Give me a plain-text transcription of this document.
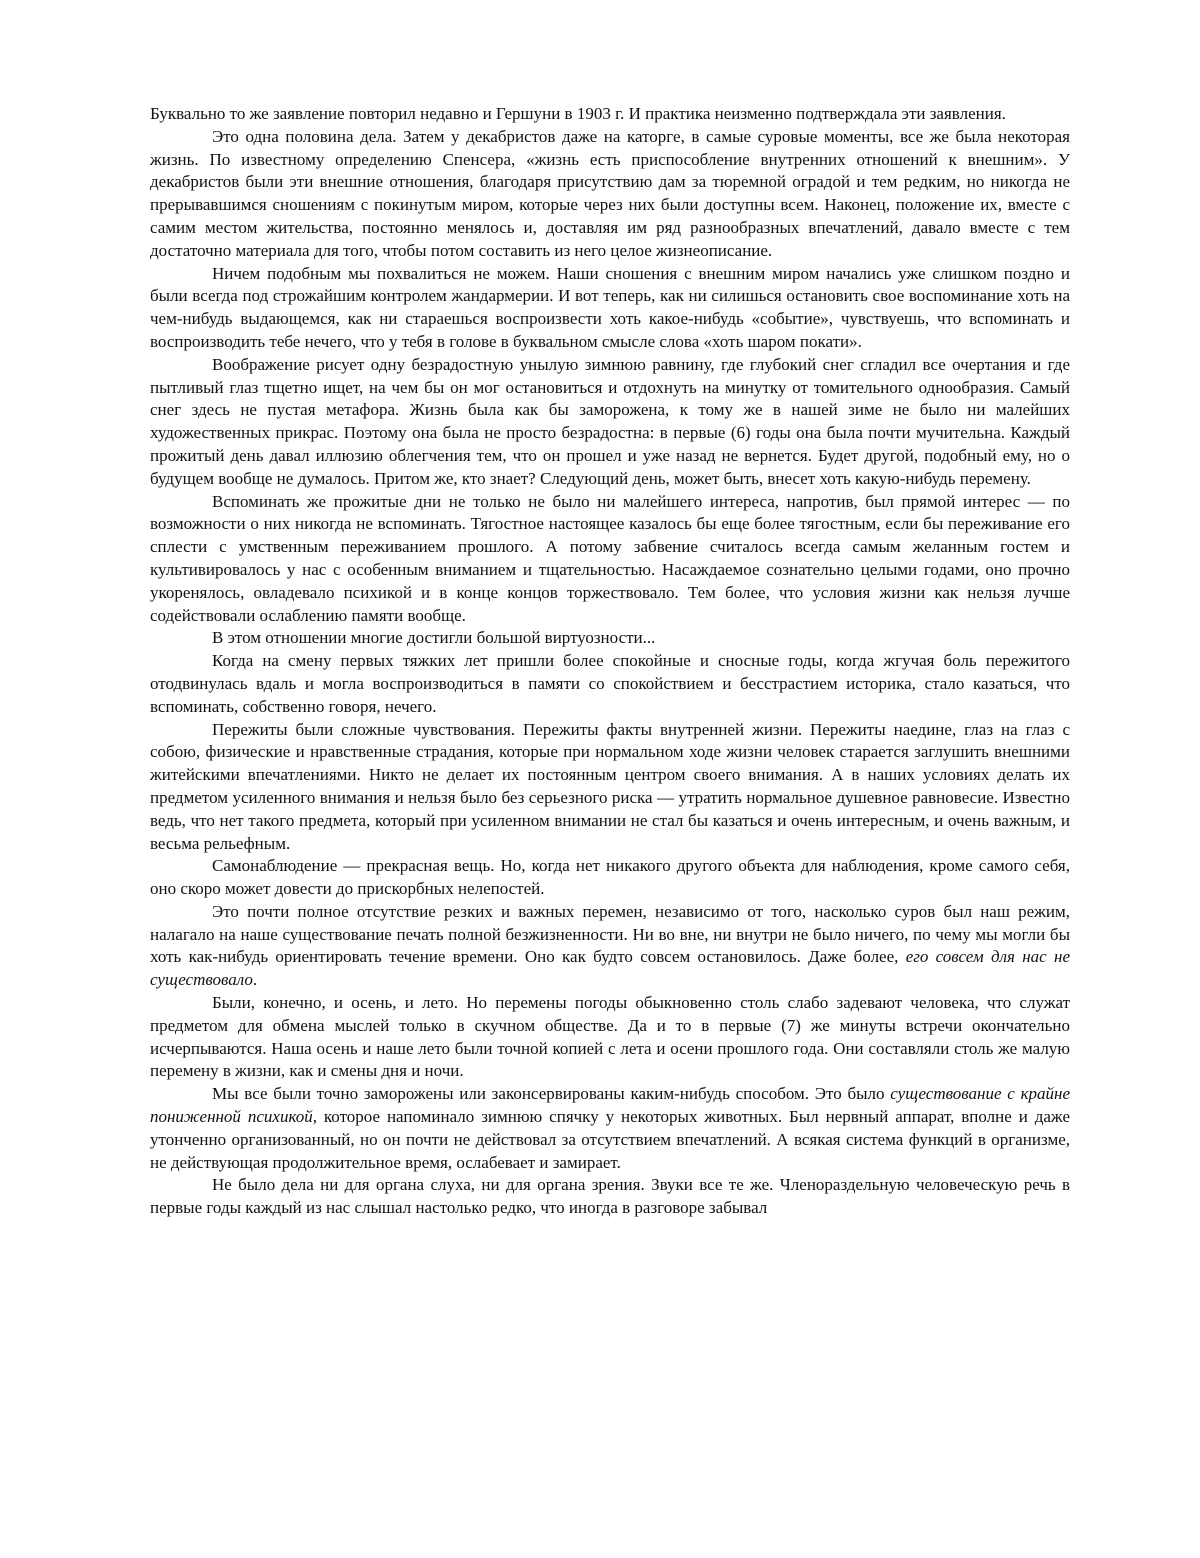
Буквально то же заявление повторил недавно и Гершуни в 1903 г. И практика неизменно подтверждала эти заявления.

Это одна половина дела. Затем у декабристов даже на каторге, в самые суровые моменты, все же была некоторая жизнь. По известному определению Спенсера, «жизнь есть приспособление внутренних отношений к внешним». У декабристов были эти внешние отношения, благодаря присутствию дам за тюремной оградой и тем редким, но никогда не прерывавшимся сношениям с покинутым миром, которые через них были доступны всем. Наконец, положение их, вместе с самим местом жительства, постоянно менялось и, доставляя им ряд разнообразных впечатлений, давало вместе с тем достаточно материала для того, чтобы потом составить из него целое жизнеописание.

Ничем подобным мы похвалиться не можем. Наши сношения с внешним миром начались уже слишком поздно и были всегда под строжайшим контролем жандармерии. И вот теперь, как ни силишься остановить свое воспоминание хоть на чем-нибудь выдающемся, как ни стараешься воспроизвести хоть какое-нибудь «событие», чувствуешь, что вспоминать и воспроизводить тебе нечего, что у тебя в голове в буквальном смысле слова «хоть шаром покати».

Воображение рисует одну безрадостную унылую зимнюю равнину, где глубокий снег сгладил все очертания и где пытливый глаз тщетно ищет, на чем бы он мог остановиться и отдохнуть на минутку от томительного однообразия. Самый снег здесь не пустая метафора. Жизнь была как бы заморожена, к тому же в нашей зиме не было ни малейших художественных прикрас. Поэтому она была не просто безрадостна: в первые (6) годы она была почти мучительна. Каждый прожитый день давал иллюзию облегчения тем, что он прошел и уже назад не вернется. Будет другой, подобный ему, но о будущем вообще не думалось. Притом же, кто знает? Следующий день, может быть, внесет хоть какую-нибудь перемену.

Вспоминать же прожитые дни не только не было ни малейшего интереса, напротив, был прямой интерес — по возможности о них никогда не вспоминать. Тягостное настоящее казалось бы еще более тягостным, если бы переживание его сплести с умственным переживанием прошлого. А потому забвение считалось всегда самым желанным гостем и культивировалось у нас с особенным вниманием и тщательностью. Насаждаемое сознательно целыми годами, оно прочно укоренялось, овладевало психикой и в конце концов торжествовало. Тем более, что условия жизни как нельзя лучше содействовали ослаблению памяти вообще.

В этом отношении многие достигли большой виртуозности...

Когда на смену первых тяжких лет пришли более спокойные и сносные годы, когда жгучая боль пережитого отодвинулась вдаль и могла воспроизводиться в памяти со спокойствием и бесстрастием историка, стало казаться, что вспоминать, собственно говоря, нечего.

Пережиты были сложные чувствования. Пережиты факты внутренней жизни. Пережиты наедине, глаз на глаз с собою, физические и нравственные страдания, которые при нормальном ходе жизни человек старается заглушить внешними житейскими впечатлениями. Никто не делает их постоянным центром своего внимания. А в наших условиях делать их предметом усиленного внимания и нельзя было без серьезного риска — утратить нормальное душевное равновесие. Известно ведь, что нет такого предмета, который при усиленном внимании не стал бы казаться и очень интересным, и очень важным, и весьма рельефным.

Самонаблюдение — прекрасная вещь. Но, когда нет никакого другого объекта для наблюдения, кроме самого себя, оно скоро может довести до прискорбных нелепостей.

Это почти полное отсутствие резких и важных перемен, независимо от того, насколько суров был наш режим, налагало на наше существование печать полной безжизненности. Ни во вне, ни внутри не было ничего, по чему мы могли бы хоть как-нибудь ориентировать течение времени. Оно как будто совсем остановилось. Даже более, его совсем для нас не существовало.

Были, конечно, и осень, и лето. Но перемены погоды обыкновенно столь слабо задевают человека, что служат предметом для обмена мыслей только в скучном обществе. Да и то в первые (7) же минуты встречи окончательно исчерпываются. Наша осень и наше лето были точной копией с лета и осени прошлого года. Они составляли столь же малую перемену в жизни, как и смены дня и ночи.

Мы все были точно заморожены или законсервированы каким-нибудь способом. Это было существование с крайне пониженной психикой, которое напоминало зимнюю спячку у некоторых животных. Был нервный аппарат, вполне и даже утонченно организованный, но он почти не действовал за отсутствием впечатлений. А всякая система функций в организме, не действующая продолжительное время, ослабевает и замирает.

Не было дела ни для органа слуха, ни для органа зрения. Звуки все те же. Членораздельную человеческую речь в первые годы каждый из нас слышал настолько редко, что иногда в разговоре забывал
